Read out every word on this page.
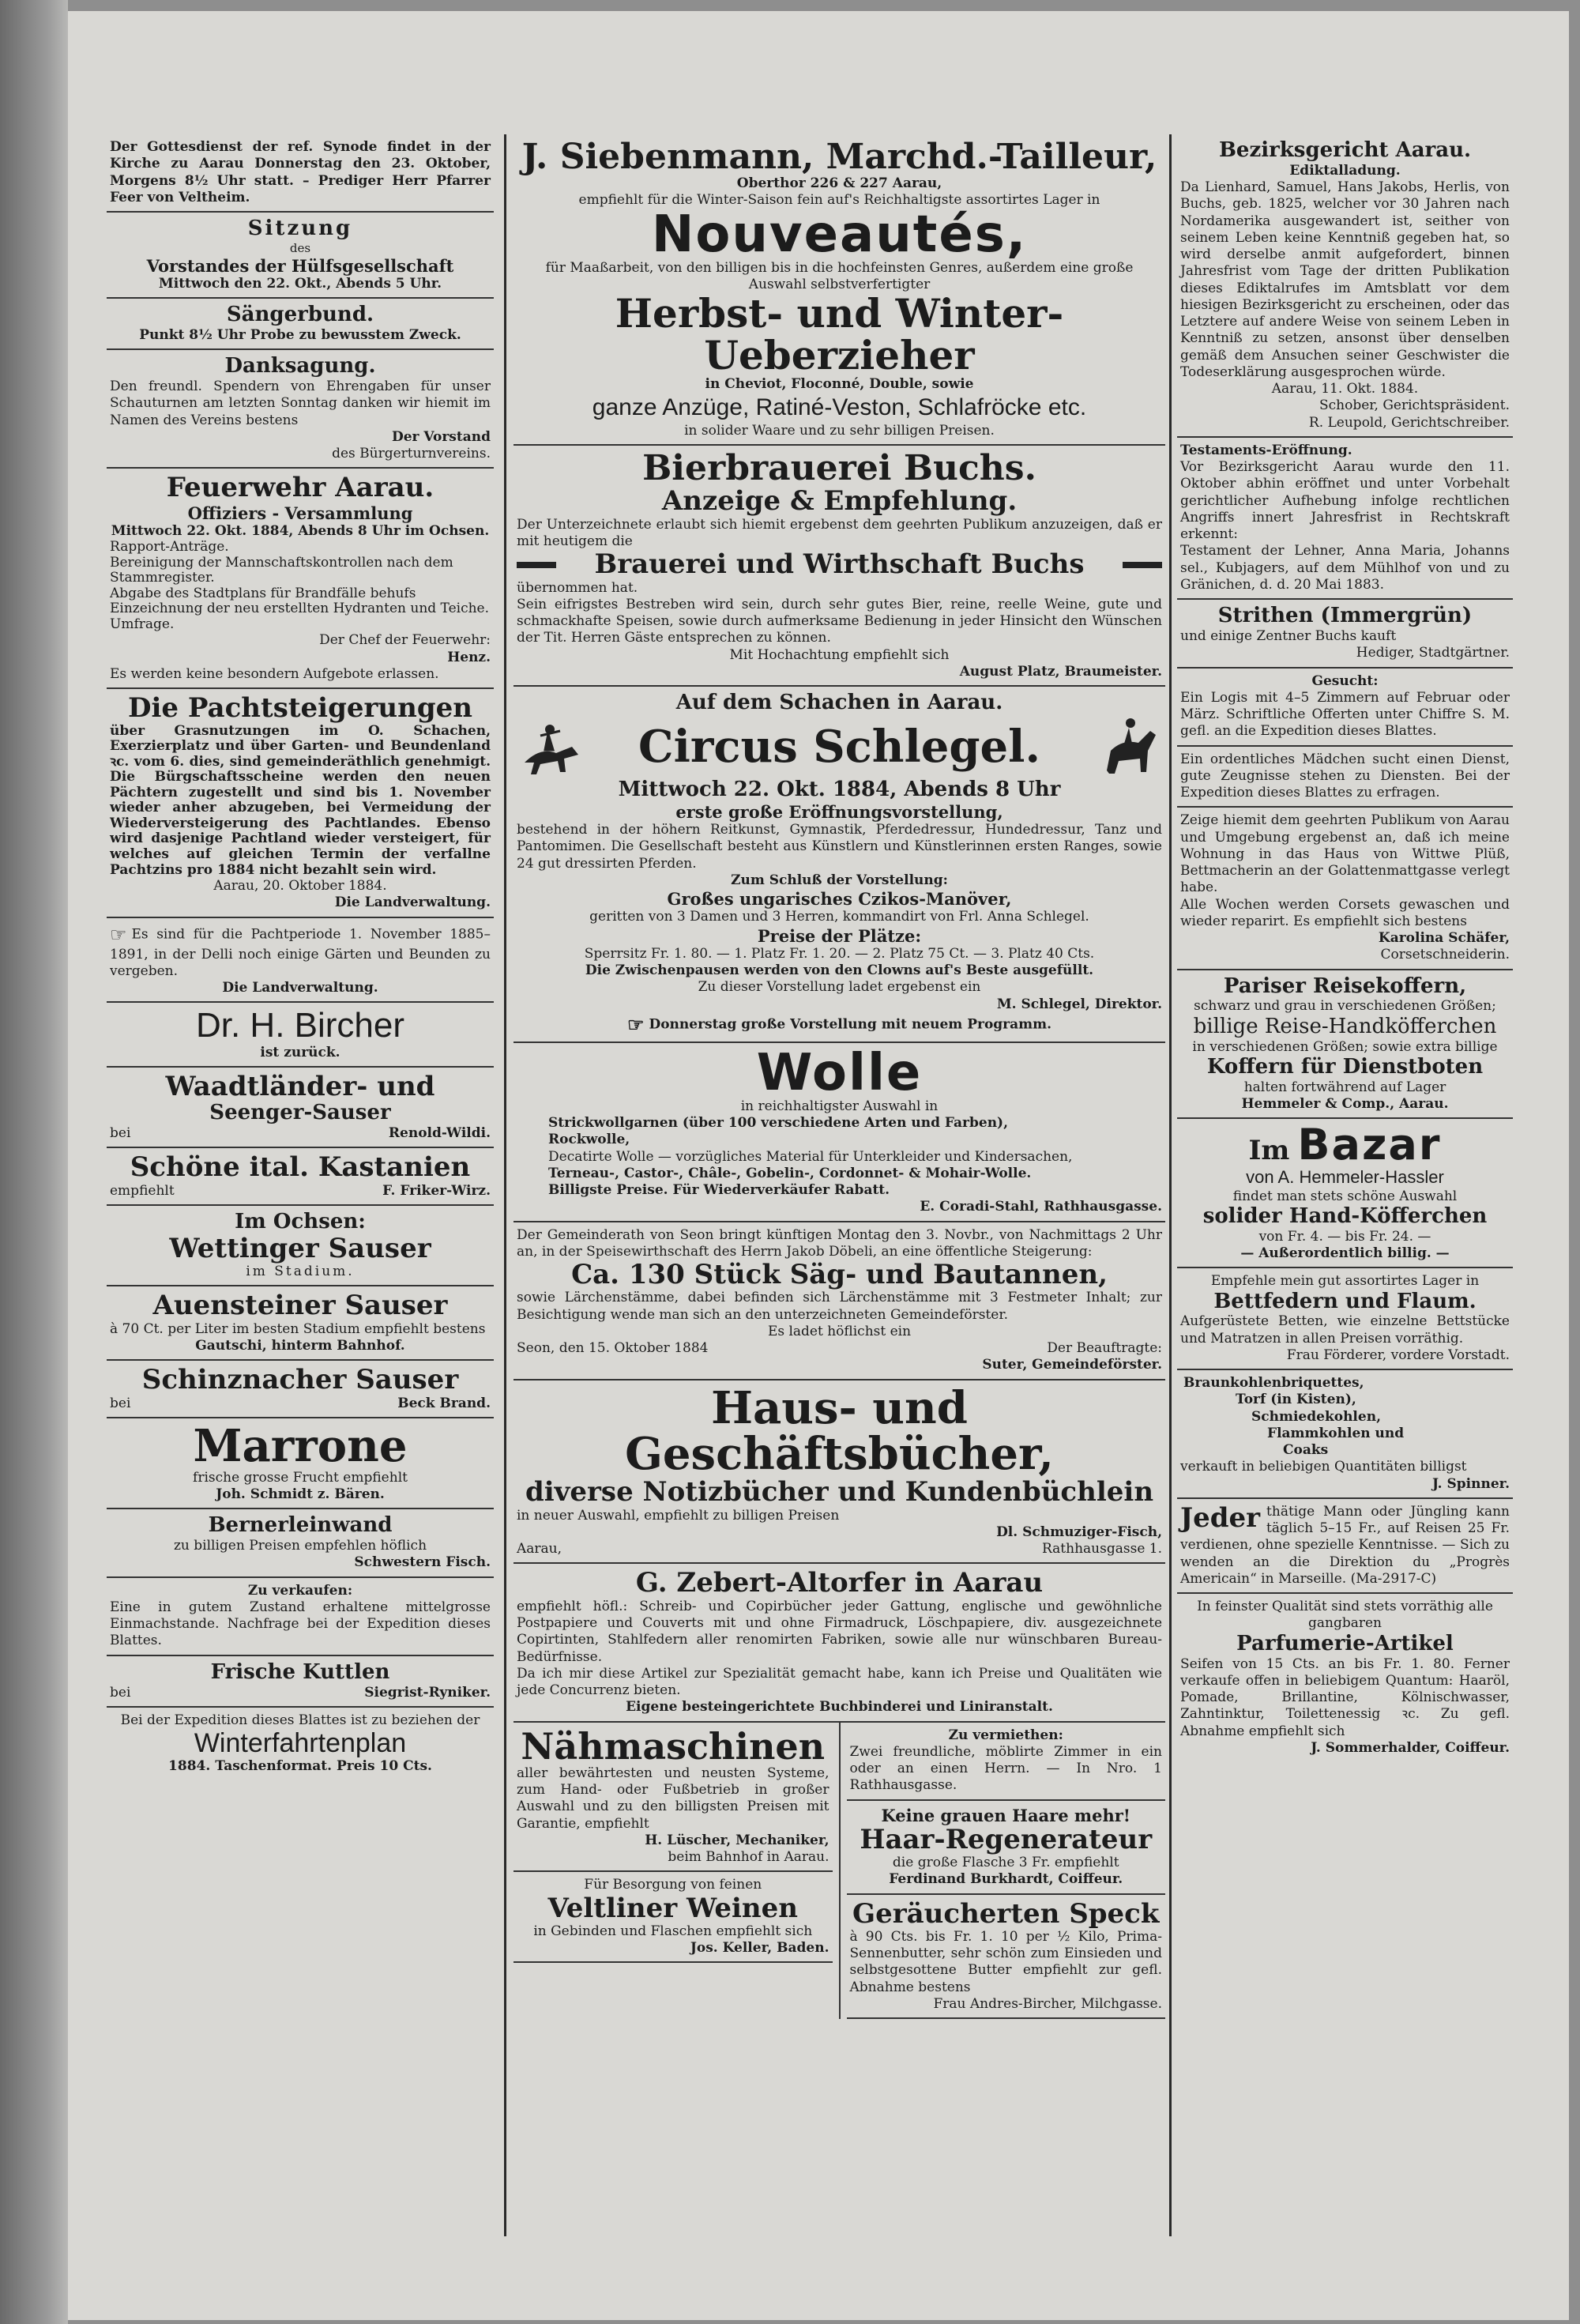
Der Gottesdienst der ref. Synode findet in der Kirche zu Aarau Donnerstag den 23. Oktober, Morgens 8½ Uhr statt. – Prediger Herr Pfarrer Feer von Veltheim.
Sitzung
des
Vorstandes der Hülfsgesellschaft
Mittwoch den 22. Okt., Abends 5 Uhr.
Sängerbund.
Punkt 8½ Uhr Probe zu bewusstem Zweck.
Danksagung.
Den freundl. Spendern von Ehrengaben für unser Schauturnen am letzten Sonntag danken wir hiemit im Namen des Vereins bestens
Der Vorstand
des Bürgerturnvereins.
Feuerwehr Aarau.
Offiziers - Versammlung
Mittwoch 22. Okt. 1884, Abends 8 Uhr im Ochsen.
Rapport-Anträge.
Bereinigung der Mannschaftskontrollen nach dem Stammregister.
Abgabe des Stadtplans für Brandfälle behufs Einzeichnung der neu erstellten Hydranten und Teiche.
Umfrage.
Der Chef der Feuerwehr:
Henz.
Es werden keine besondern Aufgebote erlassen.
Die Pachtsteigerungen
über Grasnutzungen im O. Schachen, Exerzierplatz und über Garten- und Beundenland ꝛc. vom 6. dies, sind gemeinderäthlich genehmigt. Die Bürgschaftsscheine werden den neuen Pächtern zugestellt und sind bis 1. November wieder anher abzugeben, bei Vermeidung der Wiederversteigerung des Pachtlandes. Ebenso wird dasjenige Pachtland wieder versteigert, für welches auf gleichen Termin der verfallne Pachtzins pro 1884 nicht bezahlt sein wird.
Aarau, 20. Oktober 1884.
Die Landverwaltung.
☞ Es sind für die Pachtperiode 1. November 1885–1891, in der Delli noch einige Gärten und Beunden zu vergeben.
Die Landverwaltung.
Dr. H. Bircher
ist zurück.
Waadtländer- und
Seenger-Sauser
bei	Renold-Wildi.
Schöne ital. Kastanien
empfiehlt	F. Friker-Wirz.
Im Ochsen:
Wettinger Sauser
im Stadium.
Auensteiner Sauser
à 70 Ct. per Liter im besten Stadium empfiehlt bestens
Gautschi, hinterm Bahnhof.
Schinznacher Sauser
bei	Beck Brand.
Marrone
frische grosse Frucht empfiehlt
Joh. Schmidt z. Bären.
Bernerleinwand
zu billigen Preisen empfehlen höflich
Schwestern Fisch.
Zu verkaufen:
Eine in gutem Zustand erhaltene mittelgrosse Einmachstande. Nachfrage bei der Expedition dieses Blattes.
Frische Kuttlen
bei	Siegrist-Ryniker.
Bei der Expedition dieses Blattes ist zu beziehen der
Winterfahrtenplan
1884. Taschenformat. Preis 10 Cts.
J. Siebenmann, Marchd.-Tailleur,
Oberthor 226 & 227 Aarau,
empfiehlt für die Winter-Saison fein auf's Reichhaltigste assortirtes Lager in
Nouveautés,
für Maaßarbeit, von den billigen bis in die hochfeinsten Genres, außerdem eine große Auswahl selbstverfertigter
Herbst- und Winter-Ueberzieher
in Cheviot, Floconné, Double, sowie
ganze Anzüge, Ratiné-Veston, Schlafröcke etc.
in solider Waare und zu sehr billigen Preisen.
Bierbrauerei Buchs.
Anzeige & Empfehlung.
Der Unterzeichnete erlaubt sich hiemit ergebenst dem geehrten Publikum anzuzeigen, daß er mit heutigem die
Brauerei und Wirthschaft Buchs
übernommen hat.
Sein eifrigstes Bestreben wird sein, durch sehr gutes Bier, reine, reelle Weine, gute und schmackhafte Speisen, sowie durch aufmerksame Bedienung in jeder Hinsicht den Wünschen der Tit. Herren Gäste entsprechen zu können.
Mit Hochachtung empfiehlt sich
August Platz, Braumeister.
Auf dem Schachen in Aarau.
Circus Schlegel.
Mittwoch 22. Okt. 1884, Abends 8 Uhr
erste große Eröffnungsvorstellung,
bestehend in der höhern Reitkunst, Gymnastik, Pferdedressur, Hundedressur, Tanz und Pantomimen. Die Gesellschaft besteht aus Künstlern und Künstlerinnen ersten Ranges, sowie 24 gut dressirten Pferden.
Zum Schluß der Vorstellung:
Großes ungarisches Czikos-Manöver,
geritten von 3 Damen und 3 Herren, kommandirt von Frl. Anna Schlegel.
Preise der Plätze:
Sperrsitz Fr. 1. 80. — 1. Platz Fr. 1. 20. — 2. Platz 75 Ct. — 3. Platz 40 Cts.
Die Zwischenpausen werden von den Clowns auf's Beste ausgefüllt.
Zu dieser Vorstellung ladet ergebenst ein
M. Schlegel, Direktor.
☞ Donnerstag große Vorstellung mit neuem Programm.
Wolle
in reichhaltigster Auswahl in
Strickwollgarnen (über 100 verschiedene Arten und Farben),
Rockwolle,
Decatirte Wolle — vorzügliches Material für Unterkleider und Kindersachen,
Terneau-, Castor-, Châle-, Gobelin-, Cordonnet- & Mohair-Wolle.
Billigste Preise. Für Wiederverkäufer Rabatt.
E. Coradi-Stahl, Rathhausgasse.
Der Gemeinderath von Seon bringt künftigen Montag den 3. Novbr., von Nachmittags 2 Uhr an, in der Speisewirthschaft des Herrn Jakob Döbeli, an eine öffentliche Steigerung:
Ca. 130 Stück Säg- und Bautannen,
sowie Lärchenstämme, dabei befinden sich Lärchenstämme mit 3 Festmeter Inhalt; zur Besichtigung wende man sich an den unterzeichneten Gemeindeförster.
Es ladet höflichst ein
Seon, den 15. Oktober 1884	Der Beauftragte:
Suter, Gemeindeförster.
Haus- und Geschäftsbücher,
diverse Notizbücher und Kundenbüchlein
in neuer Auswahl, empfiehlt zu billigen Preisen
Dl. Schmuziger-Fisch,
Aarau,	Rathhausgasse 1.
G. Zebert-Altorfer in Aarau
empfiehlt höfl.: Schreib- und Copirbücher jeder Gattung, englische und gewöhnliche Postpapiere und Couverts mit und ohne Firmadruck, Löschpapiere, div. ausgezeichnete Copirtinten, Stahlfedern aller renomirten Fabriken, sowie alle nur wünschbaren Bureau-Bedürfnisse.
Da ich mir diese Artikel zur Spezialität gemacht habe, kann ich Preise und Qualitäten wie jede Concurrenz bieten.
Eigene besteingerichtete Buchbinderei und Liniranstalt.
Nähmaschinen
aller bewährtesten und neusten Systeme, zum Hand- oder Fußbetrieb in großer Auswahl und zu den billigsten Preisen mit Garantie, empfiehlt
H. Lüscher, Mechaniker,
beim Bahnhof in Aarau.
Für Besorgung von feinen
Veltliner Weinen
in Gebinden und Flaschen empfiehlt sich
Jos. Keller, Baden.
Zu vermiethen:
Zwei freundliche, möblirte Zimmer in ein oder an einen Herrn. — In Nro. 1 Rathhausgasse.
Keine grauen Haare mehr!
Haar-Regenerateur
die große Flasche 3 Fr. empfiehlt
Ferdinand Burkhardt, Coiffeur.
Geräucherten Speck
à 90 Cts. bis Fr. 1. 10 per ½ Kilo, Prima-Sennenbutter, sehr schön zum Einsieden und selbstgesottene Butter empfiehlt zur gefl. Abnahme bestens
Frau Andres-Bircher, Milchgasse.
Bezirksgericht Aarau.
Ediktalladung.
Da Lienhard, Samuel, Hans Jakobs, Herlis, von Buchs, geb. 1825, welcher vor 30 Jahren nach Nordamerika ausgewandert ist, seither von seinem Leben keine Kenntniß gegeben hat, so wird derselbe anmit aufgefordert, binnen Jahresfrist vom Tage der dritten Publikation dieses Ediktalrufes im Amtsblatt vor dem hiesigen Bezirksgericht zu erscheinen, oder das Letztere auf andere Weise von seinem Leben in Kenntniß zu setzen, ansonst über denselben gemäß dem Ansuchen seiner Geschwister die Todeserklärung ausgesprochen würde.
Aarau, 11. Okt. 1884.
Schober, Gerichtspräsident.
R. Leupold, Gerichtschreiber.
Testaments-Eröffnung.
Vor Bezirksgericht Aarau wurde den 11. Oktober abhin eröffnet und unter Vorbehalt gerichtlicher Aufhebung infolge rechtlichen Angriffs innert Jahresfrist in Rechtskraft erkennt:
Testament der Lehner, Anna Maria, Johanns sel., Kubjagers, auf dem Mühlhof von und zu Gränichen, d. d. 20 Mai 1883.
Strithen (Immergrün)
und einige Zentner Buchs kauft
Hediger, Stadtgärtner.
Gesucht:
Ein Logis mit 4–5 Zimmern auf Februar oder März. Schriftliche Offerten unter Chiffre S. M. gefl. an die Expedition dieses Blattes.
Ein ordentliches Mädchen sucht einen Dienst, gute Zeugnisse stehen zu Diensten. Bei der Expedition dieses Blattes zu erfragen.
Zeige hiemit dem geehrten Publikum von Aarau und Umgebung ergebenst an, daß ich meine Wohnung in das Haus von Wittwe Plüß, Bettmacherin an der Golattenmattgasse verlegt habe.
Alle Wochen werden Corsets gewaschen und wieder reparirt. Es empfiehlt sich bestens
Karolina Schäfer,
Corsetschneiderin.
Pariser Reisekoffern,
schwarz und grau in verschiedenen Größen;
billige Reise-Handköfferchen
in verschiedenen Größen; sowie extra billige
Koffern für Dienstboten
halten fortwährend auf Lager
Hemmeler & Comp., Aarau.
Im Bazar
von A. Hemmeler-Hassler
findet man stets schöne Auswahl
solider Hand-Köfferchen
von Fr. 4. — bis Fr. 24. —
— Außerordentlich billig. —
Empfehle mein gut assortirtes Lager in
Bettfedern und Flaum.
Aufgerüstete Betten, wie einzelne Bettstücke und Matratzen in allen Preisen vorräthig.
Frau Förderer, vordere Vorstadt.
Braunkohlenbriquettes,
Torf (in Kisten),
Schmiedekohlen,
Flammkohlen und
Coaks
verkauft in beliebigen Quantitäten billigst
J. Spinner.
Jeder thätige Mann oder Jüngling kann täglich 5–15 Fr., auf Reisen 25 Fr. verdienen, ohne spezielle Kenntnisse. — Sich zu wenden an die Direktion du „Progrès Americain“ in Marseille. (Ma-2917-C)
In feinster Qualität sind stets vorräthig alle gangbaren
Parfumerie-Artikel
Seifen von 15 Cts. an bis Fr. 1. 80. Ferner verkaufe offen in beliebigem Quantum: Haaröl, Pomade, Brillantine, Kölnischwasser, Zahntinktur, Toilettenessig ꝛc. Zu gefl. Abnahme empfiehlt sich
J. Sommerhalder, Coiffeur.
